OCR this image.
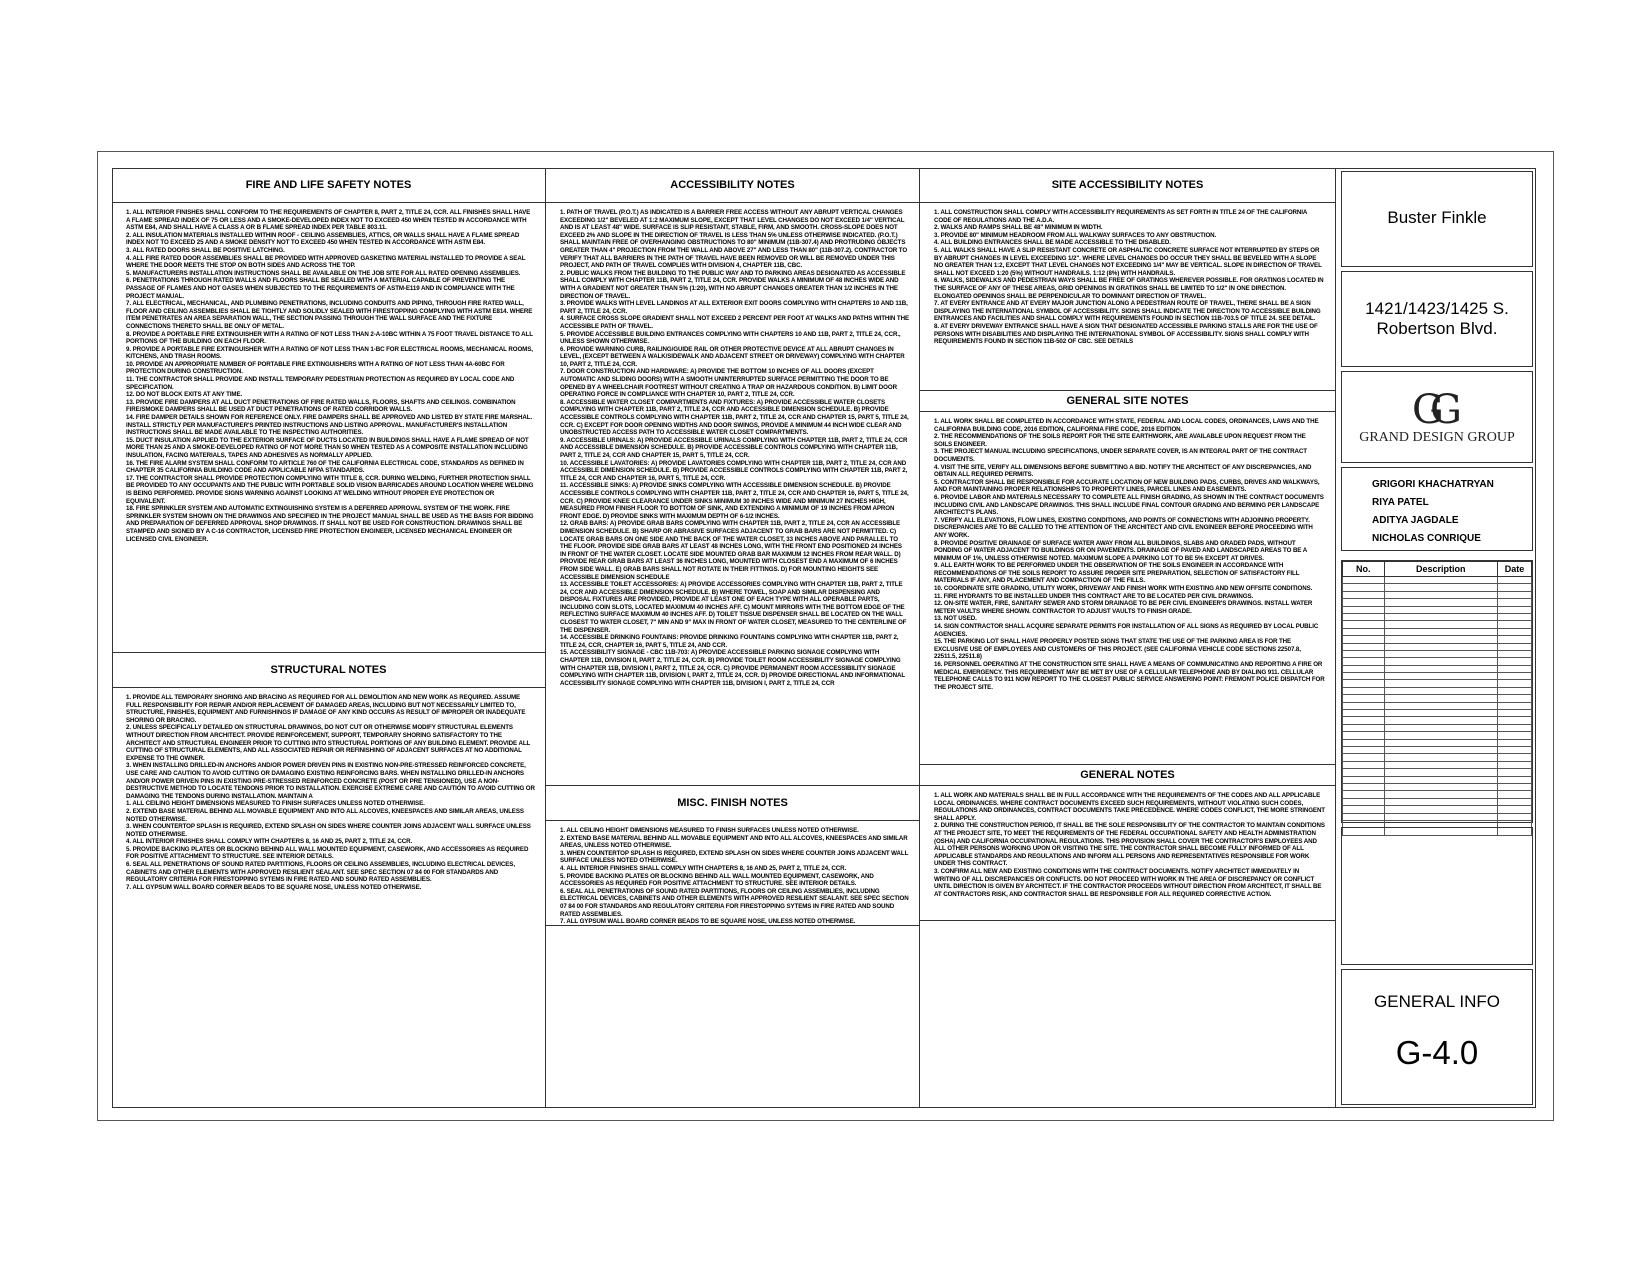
FIRE AND LIFE SAFETY NOTES
1. ALL INTERIOR FINISHES SHALL CONFORM TO THE REQUIREMENTS OF CHAPTER 8, PART 2, TITLE 24, CCR. ALL FINISHES SHALL HAVE A FLAME SPREAD INDEX OF 75 OR LESS AND A SMOKE-DEVELOPED INDEX NOT TO EXCEED 450 WHEN TESTED IN ACCORDANCE WITH ASTM E84, AND SHALL HAVE A CLASS A OR B FLAME SPREAD INDEX PER TABLE 803.11.
2. ALL INSULATION MATERIALS INSTALLED WITHIN ROOF - CEILING ASSEMBLIES, ATTICS, OR WALLS SHALL HAVE A FLAME SPREAD INDEX NOT TO EXCEED 25 AND A SMOKE DENSITY NOT TO EXCEED 450 WHEN TESTED IN ACCORDANCE WITH ASTM E84.
3. ALL RATED DOORS SHALL BE POSITIVE LATCHING.
4. ALL FIRE RATED DOOR ASSEMBLIES SHALL BE PROVIDED WITH APPROVED GASKETING MATERIAL INSTALLED TO PROVIDE A SEAL WHERE THE DOOR MEETS THE STOP ON BOTH SIDES AND ACROSS THE TOP.
5. MANUFACTURERS INSTALLATION INSTRUCTIONS SHALL BE AVAILABLE ON THE JOB SITE FOR ALL RATED OPENING ASSEMBLIES.
6. PENETRATIONS THROUGH RATED WALLS AND FLOORS SHALL BE SEALED WITH A MATERIAL CAPABLE OF PREVENTING THE PASSAGE OF FLAMES AND HOT GASES WHEN SUBJECTED TO THE REQUIREMENTS OF ASTM-E119 AND IN COMPLIANCE WITH THE PROJECT MANUAL.
7. ALL ELECTRICAL, MECHANICAL, AND PLUMBING PENETRATIONS, INCLUDING CONDUITS AND PIPING, THROUGH FIRE RATED WALL, FLOOR AND CEILING ASSEMBLIES SHALL BE TIGHTLY AND SOLIDLY SEALED WITH FIRESTOPPING COMPLYING WITH ASTM E814. WHERE ITEM PENETRATES AN AREA SEPARATION WALL, THE SECTION PASSING THROUGH THE WALL SURFACE AND THE FIXTURE CONNECTIONS THERETO SHALL BE ONLY OF METAL.
8. PROVIDE A PORTABLE FIRE EXTINGUISHER WITH A RATING OF NOT LESS THAN 2-A-10BC WITHIN A 75 FOOT TRAVEL DISTANCE TO ALL PORTIONS OF THE BUILDING ON EACH FLOOR.
9. PROVIDE A PORTABLE FIRE EXTINGUISHER WITH A RATING OF NOT LESS THAN 1-BC FOR ELECTRICAL ROOMS, MECHANICAL ROOMS, KITCHENS, AND TRASH ROOMS.
10. PROVIDE AN APPROPRIATE NUMBER OF PORTABLE FIRE EXTINGUISHERS WITH A RATING OF NOT LESS THAN 4A-60BC FOR PROTECTION DURING CONSTRUCTION.
11. THE CONTRACTOR SHALL PROVIDE AND INSTALL TEMPORARY PEDESTRIAN PROTECTION AS REQUIRED BY LOCAL CODE AND SPECIFICATION.
12. DO NOT BLOCK EXITS AT ANY TIME.
13. PROVIDE FIRE DAMPERS AT ALL DUCT PENETRATIONS OF FIRE RATED WALLS, FLOORS, SHAFTS AND CEILINGS. COMBINATION FIRE/SMOKE DAMPERS SHALL BE USED AT DUCT PENETRATIONS OF RATED CORRIDOR WALLS.
14. FIRE DAMPER DETAILS SHOWN FOR REFERENCE ONLY. FIRE DAMPERS SHALL BE APPROVED AND LISTED BY STATE FIRE MARSHAL. INSTALL STRICTLY PER MANUFACTURER'S PRINTED INSTRUCTIONS AND LISTING APPROVAL. MANUFACTURER'S INSTALLATION INSTRUCTIONS SHALL BE MADE AVAILABLE TO THE INSPECTING AUTHORITIES.
15. DUCT INSULATION APPLIED TO THE EXTERIOR SURFACE OF DUCTS LOCATED IN BUILDINGS SHALL HAVE A FLAME SPREAD OF NOT MORE THAN 25 AND A SMOKE-DEVELOPED RATING OF NOT MORE THAN 50 WHEN TESTED AS A COMPOSITE INSTALLATION INCLUDING INSULATION, FACING MATERIALS, TAPES AND ADHESIVES AS NORMALLY APPLIED.
16. THE FIRE ALARM SYSTEM SHALL CONFORM TO ARTICLE 760 OF THE CALIFORNIA ELECTRICAL CODE, STANDARDS AS DEFINED IN CHAPTER 35 CALIFORNIA BUILDING CODE AND APPLICABLE NFPA STANDARDS.
17. THE CONTRACTOR SHALL PROVIDE PROTECTION COMPLYING WITH TITLE 8, CCR. DURING WELDING, FURTHER PROTECTION SHALL BE PROVIDED TO ANY OCCUPANTS AND THE PUBLIC WITH PORTABLE SOLID VISION BARRICADES AROUND LOCATION WHERE WELDING IS BEING PERFORMED. PROVIDE SIGNS WARNING AGAINST LOOKING AT WELDING WITHOUT PROPER EYE PROTECTION OR EQUIVALENT.
18. FIRE SPRINKLER SYSTEM AND AUTOMATIC EXTINGUISHING SYSTEM IS A DEFERRED APPROVAL SYSTEM OF THE WORK. FIRE SPRINKLER SYSTEM SHOWN ON THE DRAWINGS AND SPECIFIED IN THE PROJECT MANUAL SHALL BE USED AS THE BASIS FOR BIDDING AND PREPARATION OF DEFERRED APPROVAL SHOP DRAWINGS. IT SHALL NOT BE USED FOR CONSTRUCTION. DRAWINGS SHALL BE STAMPED AND SIGNED BY A C-16 CONTRACTOR, LICENSED FIRE PROTECTION ENGINEER, LICENSED MECHANICAL ENGINEER OR LICENSED CIVIL ENGINEER.
STRUCTURAL NOTES
1. PROVIDE ALL TEMPORARY SHORING AND BRACING AS REQUIRED FOR ALL DEMOLITION AND NEW WORK AS REQUIRED. ASSUME FULL RESPONSIBILITY FOR REPAIR AND/OR REPLACEMENT OF DAMAGED AREAS, INCLUDING BUT NOT NECESSARILY LIMITED TO, STRUCTURE, FINISHES, EQUIPMENT AND FURNISHINGS IF DAMAGE OF ANY KIND OCCURS AS RESULT OF IMPROPER OR INADEQUATE SHORING OR BRACING.
2. UNLESS SPECIFICALLY DETAILED ON STRUCTURAL DRAWINGS, DO NOT CUT OR OTHERWISE MODIFY STRUCTURAL ELEMENTS WITHOUT DIRECTION FROM ARCHITECT. PROVIDE REINFORCEMENT, SUPPORT, TEMPORARY SHORING SATISFACTORY TO THE ARCHITECT AND STRUCTURAL ENGINEER PRIOR TO CUTTING INTO STRUCTURAL PORTIONS OF ANY BUILDING ELEMENT. PROVIDE ALL CUTTING OF STRUCTURAL ELEMENTS, AND ALL ASSOCIATED REPAIR OR REFINISHING OF ADJACENT SURFACES AT NO ADDITIONAL EXPENSE TO THE OWNER.
3. WHEN INSTALLING DRILLED-IN ANCHORS AND/OR POWER DRIVEN PINS IN EXISTING NON-PRE-STRESSED REINFORCED CONCRETE, USE CARE AND CAUTION TO AVOID CUTTING OR DAMAGING EXISTING REINFORCING BARS. WHEN INSTALLING DRILLED-IN ANCHORS AND/OR POWER DRIVEN PINS IN EXISTING PRE-STRESSED REINFORCED CONCRETE (POST OR PRE TENSIONED), USE A NON-DESTRUCTIVE METHOD TO LOCATE TENDONS PRIOR TO INSTALLATION. EXERCISE EXTREME CARE AND CAUTION TO AVOID CUTTING OR DAMAGING THE TENDONS DURING INSTALLATION. MAINTAIN A
1. ALL CEILING HEIGHT DIMENSIONS MEASURED TO FINISH SURFACES UNLESS NOTED OTHERWISE.
2. EXTEND BASE MATERIAL BEHIND ALL MOVABLE EQUIPMENT AND INTO ALL ALCOVES, KNEESPACES AND SIMILAR AREAS, UNLESS NOTED OTHERWISE.
3. WHEN COUNTERTOP SPLASH IS REQUIRED, EXTEND SPLASH ON SIDES WHERE COUNTER JOINS ADJACENT WALL SURFACE UNLESS NOTED OTHERWISE.
4. ALL INTERIOR FINISHES SHALL COMPLY WITH CHAPTERS 8, 16 AND 25, PART 2, TITLE 24, CCR.
5. PROVIDE BACKING PLATES OR BLOCKING BEHIND ALL WALL MOUNTED EQUIPMENT, CASEWORK, AND ACCESSORIES AS REQUIRED FOR POSITIVE ATTACHMENT TO STRUCTURE. SEE INTERIOR DETAILS.
6. SEAL ALL PENETRATIONS OF SOUND RATED PARTITIONS, FLOORS OR CEILING ASSEMBLIES, INCLUDING ELECTRICAL DEVICES, CABINETS AND OTHER ELEMENTS WITH APPROVED RESILIENT SEALANT. SEE SPEC SECTION 07 84 00 FOR STANDARDS AND REGULATORY CRITERIA FOR FIRESTOPPING SYTEMS IN FIRE RATED AND SOUND RATED ASSEMBLIES.
7. ALL GYPSUM WALL BOARD CORNER BEADS TO BE SQUARE NOSE, UNLESS NOTED OTHERWISE.
ACCESSIBILITY NOTES
1. PATH OF TRAVEL (P.O.T.) AS INDICATED IS A BARRIER FREE ACCESS WITHOUT ANY ABRUPT VERTICAL CHANGES EXCEEDING 1/2" BEVELED AT 1:2 MAXIMUM SLOPE, EXCEPT THAT LEVEL CHANGES DO NOT EXCEED 1/4" VERTICAL AND IS AT LEAST 48" WIDE. SURFACE IS SLIP RESISTANT, STABLE, FIRM, AND SMOOTH. CROSS-SLOPE DOES NOT EXCEED 2% AND SLOPE IN THE DIRECTION OF TRAVEL IS LESS THAN 5% UNLESS OTHERWISE INDICATED. (P.O.T.) SHALL MAINTAIN FREE OF OVERHANGING OBSTRUCTIONS TO 80" MINIMUM (11B-307.4) AND PROTRUDING OBJECTS GREATER THAN 4" PROJECTION FROM THE WALL AND ABOVE 27" AND LESS THAN 80" (11B-307.2). CONTRACTOR TO VERIFY THAT ALL BARRIERS IN THE PATH OF TRAVEL HAVE BEEN REMOVED OR WILL BE REMOVED UNDER THIS PROJECT, AND PATH OF TRAVEL COMPLIES WITH DIVISION 4, CHAPTER 11B, CBC.
2. PUBLIC WALKS FROM THE BUILDING TO THE PUBLIC WAY AND TO PARKING AREAS DESIGNATED AS ACCESSIBLE SHALL COMPLY WITH CHAPTER 11B, PART 2, TITLE 24, CCR. PROVIDE WALKS A MINIMUM OF 48 INCHES WIDE AND WITH A GRADIENT NOT GREATER THAN 5% (1:20), WITH NO ABRUPT CHANGES GREATER THAN 1/2 INCHES IN THE DIRECTION OF TRAVEL.
3. PROVIDE WALKS WITH LEVEL LANDINGS AT ALL EXTERIOR EXIT DOORS COMPLYING WITH CHAPTERS 10 AND 11B, PART 2, TITLE 24, CCR.
4. SURFACE CROSS SLOPE GRADIENT SHALL NOT EXCEED 2 PERCENT PER FOOT AT WALKS AND PATHS WITHIN THE ACCESSIBLE PATH OF TRAVEL.
5. PROVIDE ACCESSIBLE BUILDING ENTRANCES COMPLYING WITH CHAPTERS 10 AND 11B, PART 2, TITLE 24, CCR., UNLESS SHOWN OTHERWISE.
6. PROVIDE WARNING CURB, RAILING/GUIDE RAIL OR OTHER PROTECTIVE DEVICE AT ALL ABRUPT CHANGES IN LEVEL, (EXCEPT BETWEEN A WALK/SIDEWALK AND ADJACENT STREET OR DRIVEWAY) COMPLYING WITH CHAPTER 10, PART 2, TITLE 24, CCR.
7. DOOR CONSTRUCTION AND HARDWARE: A) PROVIDE THE BOTTOM 10 INCHES OF ALL DOORS (EXCEPT AUTOMATIC AND SLIDING DOORS) WITH A SMOOTH UNINTERRUPTED SURFACE PERMITTING THE DOOR TO BE OPENED BY A WHEELCHAIR FOOTREST WITHOUT CREATING A TRAP OR HAZARDOUS CONDITION. B) LIMIT DOOR OPERATING FORCE IN COMPLIANCE WITH CHAPTER 10, PART 2, TITLE 24, CCR.
8. ACCESSIBLE WATER CLOSET COMPARTMENTS AND FIXTURES: A) PROVIDE ACCESSIBLE WATER CLOSETS COMPLYING WITH CHAPTER 11B, PART 2, TITLE 24, CCR AND ACCESSIBLE DIMENSION SCHEDULE. B) PROVIDE ACCESSIBLE CONTROLS COMPLYING WITH CHAPTER 11B, PART 2, TITLE 24, CCR AND CHAPTER 15, PART 5, TITLE 24, CCR. C) EXCEPT FOR DOOR OPENING WIDTHS AND DOOR SWINGS, PROVIDE A MINIMUM 44 INCH WIDE CLEAR AND UNOBSTRUCTED ACCESS PATH TO ACCESSIBLE WATER CLOSET COMPARTMENTS.
9. ACCESSIBLE URINALS: A) PROVIDE ACCESSIBLE URINALS COMPLYING WITH CHAPTER 11B, PART 2, TITLE 24, CCR AND ACCESSIBLE DIMENSION SCHEDULE. B) PROVIDE ACCESSIBLE CONTROLS COMPLYING WITH CHAPTER 11B, PART 2, TITLE 24, CCR AND CHAPTER 15, PART 5, TITLE 24, CCR.
10. ACCESSIBLE LAVATORIES: A) PROVIDE LAVATORIES COMPLYING WITH CHAPTER 11B, PART 2, TITLE 24, CCR AND ACCESSIBLE DIMENSION SCHEDULE. B) PROVIDE ACCESSIBLE CONTROLS COMPLYING WITH CHAPTER 11B, PART 2, TITLE 24, CCR AND CHAPTER 16, PART 5, TITLE 24, CCR.
11. ACCESSIBLE SINKS: A) PROVIDE SINKS COMPLYING WITH ACCESSIBLE DIMENSION SCHEDULE. B) PROVIDE ACCESSIBLE CONTROLS COMPLYING WITH CHAPTER 11B, PART 2, TITLE 24, CCR AND CHAPTER 16, PART 5, TITLE 24, CCR. C) PROVIDE KNEE CLEARANCE UNDER SINKS MINIMUM 30 INCHES WIDE AND MINIMUM 27 INCHES HIGH, MEASURED FROM FINISH FLOOR TO BOTTOM OF SINK, AND EXTENDING A MINIMUM OF 19 INCHES FROM APRON FRONT EDGE. D) PROVIDE SINKS WITH MAXIMUM DEPTH OF 6-1/2 INCHES.
12. GRAB BARS: A) PROVIDE GRAB BARS COMPLYING WITH CHAPTER 11B, PART 2, TITLE 24, CCR AN ACCESSIBLE DIMENSION SCHEDULE. B) SHARP OR ABRASIVE SURFACES ADJACENT TO GRAB BARS ARE NOT PERMITTED. C) LOCATE GRAB BARS ON ONE SIDE AND THE BACK OF THE WATER CLOSET, 33 INCHES ABOVE AND PARALLEL TO THE FLOOR. PROVIDE SIDE GRAB BARS AT LEAST 48 INCHES LONG, WITH THE FRONT END POSITIONED 24 INCHES IN FRONT OF THE WATER CLOSET. LOCATE SIDE MOUNTED GRAB BAR MAXIMUM 12 INCHES FROM REAR WALL. D) PROVIDE REAR GRAB BARS AT LEAST 36 INCHES LONG, MOUNTED WITH CLOSEST END A MAXIMUM OF 6 INCHES FROM SIDE WALL. E) GRAB BARS SHALL NOT ROTATE IN THEIR FITTINGS. D) FOR MOUNTING HEIGHTS SEE ACCESSIBLE DIMENSION SCHEDULE
13. ACCESSIBLE TOILET ACCESSORIES: A) PROVIDE ACCESSORIES COMPLYING WITH CHAPTER 11B, PART 2, TITLE 24, CCR AND ACCESSIBLE DIMENSION SCHEDULE. B) WHERE TOWEL, SOAP AND SIMILAR DISPENSING AND DISPOSAL FIXTURES ARE PROVIDED, PROVIDE AT LEAST ONE OF EACH TYPE WITH ALL OPERABLE PARTS, INCLUDING COIN SLOTS, LOCATED MAXIMUM 40 INCHES AFF. C) MOUNT MIRRORS WITH THE BOTTOM EDGE OF THE REFLECTING SURFACE MAXIMUM 40 INCHES AFF. D) TOILET TISSUE DISPENSER SHALL BE LOCATED ON THE WALL CLOSEST TO WATER CLOSET, 7" MIN AND 9" MAX IN FRONT OF WATER CLOSET, MEASURED TO THE CENTERLINE OF THE DISPENSER.
14. ACCESSIBLE DRINKING FOUNTAINS: PROVIDE DRINKING FOUNTAINS COMPLYING WITH CHAPTER 11B, PART 2, TITLE 24, CCR, CHAPTER 16, PART 5, TITLE 24, AND CCR.
15. ACCESSIBILITY SIGNAGE - CBC 11B-703: A) PROVIDE ACCESSIBLE PARKING SIGNAGE COMPLYING WITH CHAPTER 11B, DIVISION II, PART 2, TITLE 24, CCR. B) PROVIDE TOILET ROOM ACCESSIBILITY SIGNAGE COMPLYING WITH CHAPTER 11B, DIVISION I, PART 2, TITLE 24, CCR. C) PROVIDE PERMANENT ROOM ACCESSIBILITY SIGNAGE COMPLYING WITH CHAPTER 11B, DIVISION I, PART 2, TITLE 24, CCR. D) PROVIDE DIRECTIONAL AND INFORMATIONAL ACCESSIBILITY SIGNAGE COMPLYING WITH CHAPTER 11B, DIVISION I, PART 2, TITLE 24, CCR
MISC. FINISH NOTES
1. ALL CEILING HEIGHT DIMENSIONS MEASURED TO FINISH SURFACES UNLESS NOTED OTHERWISE.
2. EXTEND BASE MATERIAL BEHIND ALL MOVABLE EQUIPMENT AND INTO ALL ALCOVES, KNEESPACES AND SIMILAR AREAS, UNLESS NOTED OTHERWISE.
3. WHEN COUNTERTOP SPLASH IS REQUIRED, EXTEND SPLASH ON SIDES WHERE COUNTER JOINS ADJACENT WALL SURFACE UNLESS NOTED OTHERWISE.
4. ALL INTERIOR FINISHES SHALL COMPLY WITH CHAPTERS 8, 16 AND 25, PART 2, TITLE 24, CCR.
5. PROVIDE BACKING PLATES OR BLOCKING BEHIND ALL WALL MOUNTED EQUIPMENT, CASEWORK, AND ACCESSORIES AS REQUIRED FOR POSITIVE ATTACHMENT TO STRUCTURE. SEE INTERIOR DETAILS.
6. SEAL ALL PENETRATIONS OF SOUND RATED PARTITIONS, FLOORS OR CEILING ASSEMBLIES, INCLUDING ELECTRICAL DEVICES, CABINETS AND OTHER ELEMENTS WITH APPROVED RESILIENT SEALANT. SEE SPEC SECTION 07 84 00 FOR STANDARDS AND REGULATORY CRITERIA FOR FIRESTOPPING SYTEMS IN FIRE RATED AND SOUND RATED ASSEMBLIES.
7. ALL GYPSUM WALL BOARD CORNER BEADS TO BE SQUARE NOSE, UNLESS NOTED OTHERWISE.
SITE ACCESSIBILITY NOTES
1. ALL CONSTRUCTION SHALL COMPLY WITH ACCESSIBILITY REQUIREMENTS AS SET FORTH IN TITLE 24 OF THE CALIFORNIA CODE OF REGULATIONS AND THE A.D.A.
2. WALKS AND RAMPS SHALL BE 48" MINIMUM IN WIDTH.
3. PROVIDE 80" MINIMUM HEADROOM FROM ALL WALKWAY SURFACES TO ANY OBSTRUCTION.
4. ALL BUILDING ENTRANCES SHALL BE MADE ACCESSIBLE TO THE DISABLED.
5. ALL WALKS SHALL HAVE A SLIP RESISTANT CONCRETE OR ASPHALTIC CONCRETE SURFACE NOT INTERRUPTED BY STEPS OR BY ABRUPT CHANGES IN LEVEL EXCEEDING 1/2". WHERE LEVEL CHANGES DO OCCUR THEY SHALL BE BEVELED WITH A SLOPE NO GREATER THAN 1:2, EXCEPT THAT LEVEL CHANGES NOT EXCEEDING 1/4" MAY BE VERTICAL. SLOPE IN DIRECTION OF TRAVEL SHALL NOT EXCEED 1:20 (5%) WITHOUT HANDRAILS. 1:12 (8%) WITH HANDRAILS.
6. WALKS, SIDEWALKS AND PEDESTRIAN WAYS SHALL BE FREE OF GRATINGS WHEREVER POSSIBLE. FOR GRATINGS LOCATED IN THE SURFACE OF ANY OF THESE AREAS, GRID OPENINGS IN GRATINGS SHALL BE LIMITED TO 1/2" IN ONE DIRECTION. ELONGATED OPENINGS SHALL BE PERPENDICULAR TO DOMINANT DIRECTION OF TRAVEL.
7. AT EVERY ENTRANCE AND AT EVERY MAJOR JUNCTION ALONG A PEDESTRIAN ROUTE OF TRAVEL, THERE SHALL BE A SIGN DISPLAYING THE INTERNATIONAL SYMBOL OF ACCESSIBILITY. SIGNS SHALL INDICATE THE DIRECTION TO ACCESSIBLE BUILDING ENTRANCES AND FACILITIES AND SHALL COMPLY WITH REQUIREMENTS FOUND IN SECTION 11B-703.5 OF TITLE 24. SEE DETAIL.
8. AT EVERY DRIVEWAY ENTRANCE SHALL HAVE A SIGN THAT DESIGNATED ACCESSIBLE PARKING STALLS ARE FOR THE USE OF PERSONS WITH DISABILITIES AND DISPLAYING THE INTERNATIONAL SYMBOL OF ACCESSIBILITY. SIGNS SHALL COMPLY WITH REQUIREMENTS FOUND IN SECTION 11B-502 OF CBC. SEE DETAILS
GENERAL SITE NOTES
1. ALL WORK SHALL BE COMPLETED IN ACCORDANCE WITH STATE, FEDERAL AND LOCAL CODES, ORDINANCES, LAWS AND THE CALIFORNIA BUILDING CODE, 2016 EDITION, CALIFORNIA FIRE CODE, 2016 EDITION.
2. THE RECOMMENDATIONS OF THE SOILS REPORT FOR THE SITE EARTHWORK, ARE AVAILABLE UPON REQUEST FROM THE SOILS ENGINEER.
3. THE PROJECT MANUAL INCLUDING SPECIFICATIONS, UNDER SEPARATE COVER, IS AN INTEGRAL PART OF THE CONTRACT DOCUMENTS.
4. VISIT THE SITE, VERIFY ALL DIMENSIONS BEFORE SUBMITTING A BID. NOTIFY THE ARCHITECT OF ANY DISCREPANCIES, AND OBTAIN ALL REQUIRED PERMITS.
5. CONTRACTOR SHALL BE RESPONSIBLE FOR ACCURATE LOCATION OF NEW BUILDING PADS, CURBS, DRIVES AND WALKWAYS, AND FOR MAINTAINING PROPER RELATIONSHIPS TO PROPERTY LINES, PARCEL LINES AND EASEMENTS.
6. PROVIDE LABOR AND MATERIALS NECESSARY TO COMPLETE ALL FINISH GRADING, AS SHOWN IN THE CONTRACT DOCUMENTS INCLUDING CIVIL AND LANDSCAPE DRAWINGS. THIS SHALL INCLUDE FINAL CONTOUR GRADING AND BERMING PER LANDSCAPE ARCHITECT'S PLANS.
7. VERIFY ALL ELEVATIONS, FLOW LINES, EXISTING CONDITIONS, AND POINTS OF CONNECTIONS WITH ADJOINING PROPERTY. DISCREPANCIES ARE TO BE CALLED TO THE ATTENTION OF THE ARCHITECT AND CIVIL ENGINEER BEFORE PROCEEDING WITH ANY WORK.
8. PROVIDE POSITIVE DRAINAGE OF SURFACE WATER AWAY FROM ALL BUILDINGS, SLABS AND GRADED PADS, WITHOUT PONDING OF WATER ADJACENT TO BUILDINGS OR ON PAVEMENTS. DRAINAGE OF PAVED AND LANDSCAPED AREAS TO BE A MINIMUM OF 1%, UNLESS OTHERWISE NOTED. MAXIMUM SLOPE A PARKING LOT TO BE 5% EXCEPT AT DRIVES.
9. ALL EARTH WORK TO BE PERFORMED UNDER THE OBSERVATION OF THE SOILS ENGINEER IN ACCORDANCE WITH RECOMMENDATIONS OF THE SOILS REPORT TO ASSURE PROPER SITE PREPARATION, SELECTION OF SATISFACTORY FILL MATERIALS IF ANY, AND PLACEMENT AND COMPACTION OF THE FILLS.
10. COORDINATE SITE GRADING, UTILITY WORK, DRIVEWAY AND FINISH WORK WITH EXISTING AND NEW OFFSITE CONDITIONS.
11. FIRE HYDRANTS TO BE INSTALLED UNDER THIS CONTRACT ARE TO BE LOCATED PER CIVIL DRAWINGS.
12. ON-SITE WATER, FIRE, SANITARY SEWER AND STORM DRAINAGE TO BE PER CIVIL ENGINEER'S DRAWINGS. INSTALL WATER METER VAULTS WHERE SHOWN. CONTRACTOR TO ADJUST VAULTS TO FINISH GRADE.
13. NOT USED.
14. SIGN CONTRACTOR SHALL ACQUIRE SEPARATE PERMITS FOR INSTALLATION OF ALL SIGNS AS REQUIRED BY LOCAL PUBLIC AGENCIES.
15. THE PARKING LOT SHALL HAVE PROPERLY POSTED SIGNS THAT STATE THE USE OF THE PARKING AREA IS FOR THE EXCLUSIVE USE OF EMPLOYEES AND CUSTOMERS OF THIS PROJECT. (SEE CALIFORNIA VEHICLE CODE SECTIONS 22507.8, 22511.5, 22511.8)
16. PERSONNEL OPERATING AT THE CONSTRUCTION SITE SHALL HAVE A MEANS OF COMMUNICATING AND REPORTING A FIRE OR MEDICAL EMERGENCY. THIS REQUIREMENT MAY BE MET BY USE OF A CELLULAR TELEPHONE AND BY DIALING 911. CELLULAR TELEPHONE CALLS TO 911 NOW REPORT TO THE CLOSEST PUBLIC SERVICE ANSWERING POINT: FREMONT POLICE DISPATCH FOR THE PROJECT SITE.
GENERAL NOTES
1. ALL WORK AND MATERIALS SHALL BE IN FULL ACCORDANCE WITH THE REQUIREMENTS OF THE CODES AND ALL APPLICABLE LOCAL ORDINANCES. WHERE CONTRACT DOCUMENTS EXCEED SUCH REQUIREMENTS, WITHOUT VIOLATING SUCH CODES, REGULATIONS AND ORDINANCES, CONTRACT DOCUMENTS TAKE PRECEDENCE. WHERE CODES CONFLICT, THE MORE STRINGENT SHALL APPLY.
2. DURING THE CONSTRUCTION PERIOD, IT SHALL BE THE SOLE RESPONSIBILITY OF THE CONTRACTOR TO MAINTAIN CONDITIONS AT THE PROJECT SITE, TO MEET THE REQUIREMENTS OF THE FEDERAL OCCUPATIONAL SAFETY AND HEALTH ADMINISTRATION (OSHA) AND CALIFORNIA OCCUPATIONAL REGULATIONS. THIS PROVISION SHALL COVER THE CONTRACTOR'S EMPLOYEES AND ALL OTHER PERSONS WORKING UPON OR VISITING THE SITE. THE CONTRACTOR SHALL BECOME FULLY INFORMED OF ALL APPLICABLE STANDARDS AND REGULATIONS AND INFORM ALL PERSONS AND REPRESENTATIVES RESPONSIBLE FOR WORK UNDER THIS CONTRACT.
3. CONFIRM ALL NEW AND EXISTING CONDITIONS WITH THE CONTRACT DOCUMENTS. NOTIFY ARCHITECT IMMEDIATELY IN WRITING OF ALL DISCREPANCIES OR CONFLICTS. DO NOT PROCEED WITH WORK IN THE AREA OF DISCREPANCY OR CONFLICT UNTIL DIRECTION IS GIVEN BY ARCHITECT. IF THE CONTRACTOR PROCEEDS WITHOUT DIRECTION FROM ARCHITECT, IT SHALL BE AT CONTRACTORS RISK, AND CONTRACTOR SHALL BE RESPONSIBLE FOR ALL REQUIRED CORRECTIVE ACTION.
Buster Finkle
1421/1423/1425 S.
Robertson Blvd.
GG
GRAND DESIGN GROUP
GRIGORI KHACHATRYAN
RIYA PATEL
ADITYA JAGDALE
NICHOLAS CONRIQUE
No.	Description	Date

GENERAL INFO
G-4.0
